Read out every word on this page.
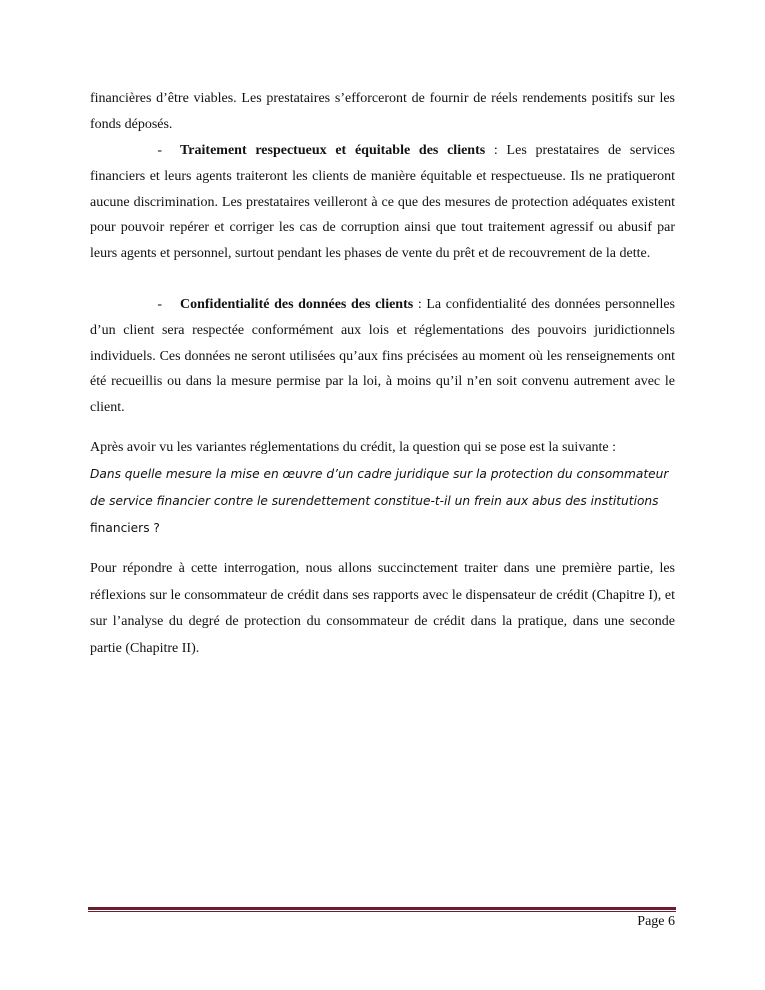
financières d’être viables. Les prestataires s’efforceront de fournir de réels rendements positifs sur les fonds déposés.

- Traitement respectueux et équitable des clients : Les prestataires de services financiers et leurs agents traiteront les clients de manière équitable et respectueuse. Ils ne pratiqueront aucune discrimination. Les prestataires veilleront à ce que des mesures de protection adéquates existent pour pouvoir repérer et corriger les cas de corruption ainsi que tout traitement agressif ou abusif par leurs agents et personnel, surtout pendant les phases de vente du prêt et de recouvrement de la dette.

- Confidentialité des données des clients : La confidentialité des données personnelles d’un client sera respectée conformément aux lois et réglementations des pouvoirs juridictionnels individuels. Ces données ne seront utilisées qu’aux fins précisées au moment où les renseignements ont été recueillis ou dans la mesure permise par la loi, à moins qu’il n’en soit convenu autrement avec le client.

Après avoir vu les variantes réglementations du crédit, la question qui se pose est la suivante :

Dans quelle mesure la mise en œuvre d’un cadre juridique sur la protection du consommateur de service financier contre le surendettement constitue-t-il un frein aux abus des institutions
financiers ?

Pour répondre à cette interrogation, nous allons succinctement traiter dans une première partie, les réflexions sur le consommateur de crédit dans ses rapports avec le dispensateur de crédit (Chapitre I), et sur l’analyse du degré de protection du consommateur de crédit dans la pratique, dans une seconde partie (Chapitre II).

Page 6
